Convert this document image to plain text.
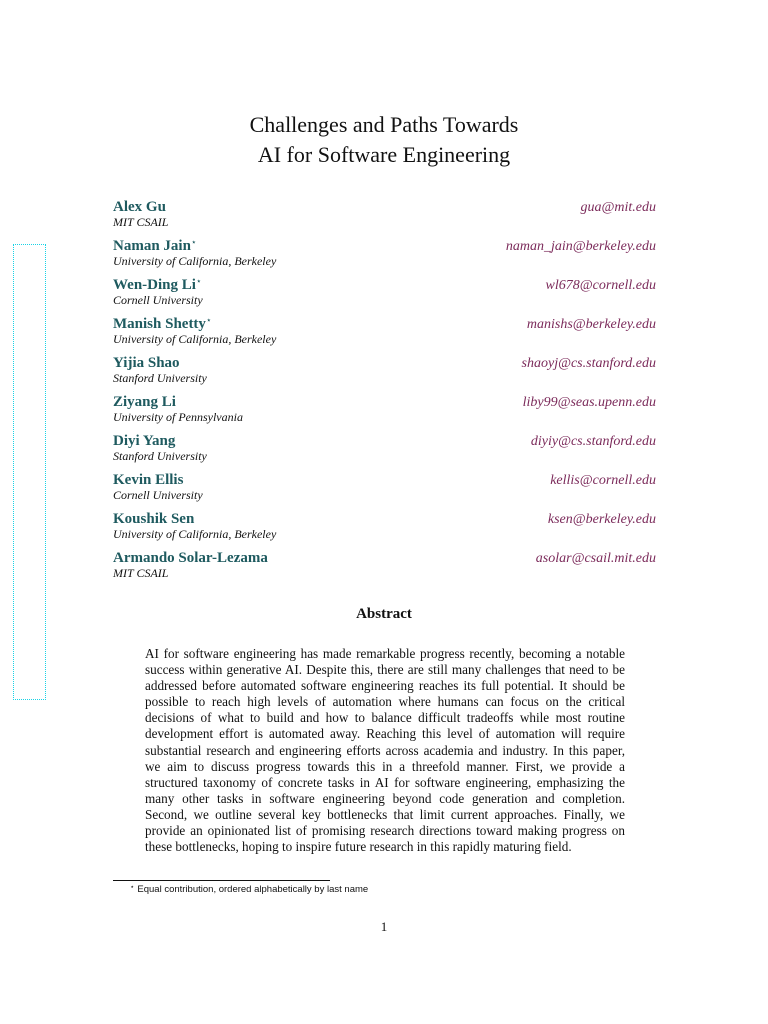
Challenges and Paths Towards
AI for Software Engineering
Alex Gu
MIT CSAIL
gua@mit.edu
Naman Jain⋆
University of California, Berkeley
naman_jain@berkeley.edu
Wen-Ding Li⋆
Cornell University
wl678@cornell.edu
Manish Shetty⋆
University of California, Berkeley
manishs@berkeley.edu
Yijia Shao
Stanford University
shaoyj@cs.stanford.edu
Ziyang Li
University of Pennsylvania
liby99@seas.upenn.edu
Diyi Yang
Stanford University
diyiy@cs.stanford.edu
Kevin Ellis
Cornell University
kellis@cornell.edu
Koushik Sen
University of California, Berkeley
ksen@berkeley.edu
Armando Solar-Lezama
MIT CSAIL
asolar@csail.mit.edu
Abstract
AI for software engineering has made remarkable progress recently, becoming a notable success within generative AI. Despite this, there are still many challenges that need to be addressed before automated software engineering reaches its full potential. It should be possible to reach high levels of automation where humans can focus on the critical decisions of what to build and how to balance difficult tradeoffs while most routine development effort is automated away. Reaching this level of automation will require substantial research and engineering efforts across academia and industry. In this paper, we aim to discuss progress towards this in a threefold manner. First, we provide a structured taxonomy of concrete tasks in AI for software engineering, emphasizing the many other tasks in software engineering beyond code generation and completion. Second, we outline several key bottlenecks that limit current approaches. Finally, we provide an opinionated list of promising research directions toward making progress on these bottlenecks, hoping to inspire future research in this rapidly maturing field.
⋆ Equal contribution, ordered alphabetically by last name
1
